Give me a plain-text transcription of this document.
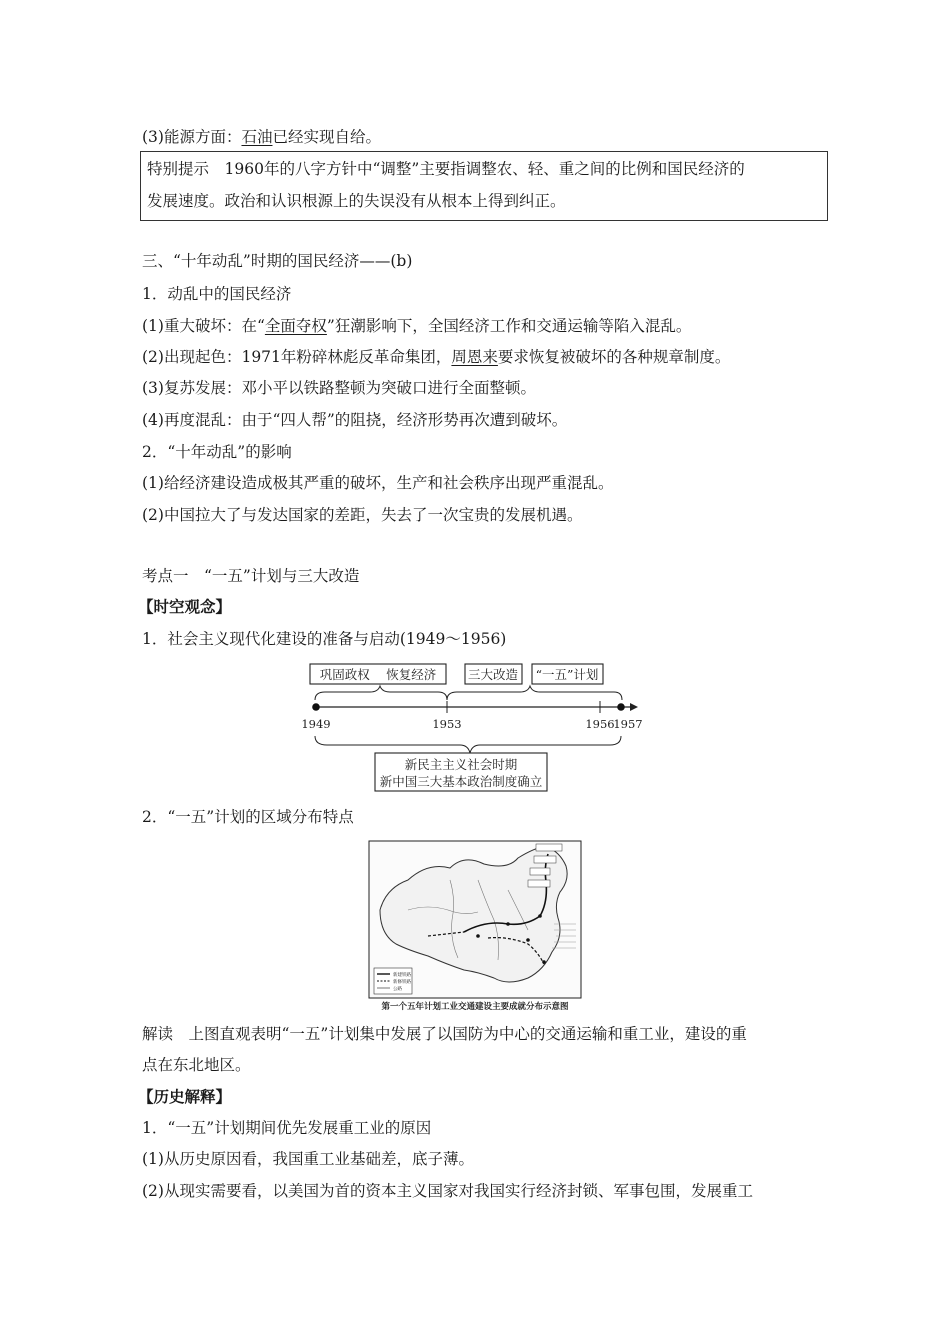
(3)能源方面：石油已经实现自给。
特别提示　1960年的八字方针中“调整”主要指调整农、轻、重之间的比例和国民经济的
发展速度。政治和认识根源上的失误没有从根本上得到纠正。
三、“十年动乱”时期的国民经济——(b)
1．动乱中的国民经济
(1)重大破坏：在“全面夺权”狂潮影响下，全国经济工作和交通运输等陷入混乱。
(2)出现起色：1971年粉碎林彪反革命集团，周恩来要求恢复被破坏的各种规章制度。
(3)复苏发展：邓小平以铁路整顿为突破口进行全面整顿。
(4)再度混乱：由于“四人帮”的阻挠，经济形势再次遭到破坏。
2．“十年动乱”的影响
(1)给经济建设造成极其严重的破坏，生产和社会秩序出现严重混乱。
(2)中国拉大了与发达国家的差距，失去了一次宝贵的发展机遇。
考点一　“一五”计划与三大改造
【时空观念】
1．社会主义现代化建设的准备与启动(1949～1956)
巩固政权　 恢复经济	三大改造 “一五”计划
1949	1953	1956
1957
新民主主义社会时期
新中国三大基本政治制度确立
2．“一五”计划的区域分布特点
新建铁路
新修铁路
公路
第一个五年计划工业交通建设主要成就分布示意图
解读　上图直观表明“一五”计划集中发展了以国防为中心的交通运输和重工业，建设的重
点在东北地区。
【历史解释】
1．“一五”计划期间优先发展重工业的原因
(1)从历史原因看，我国重工业基础差，底子薄。
(2)从现实需要看，以美国为首的资本主义国家对我国实行经济封锁、军事包围，发展重工
